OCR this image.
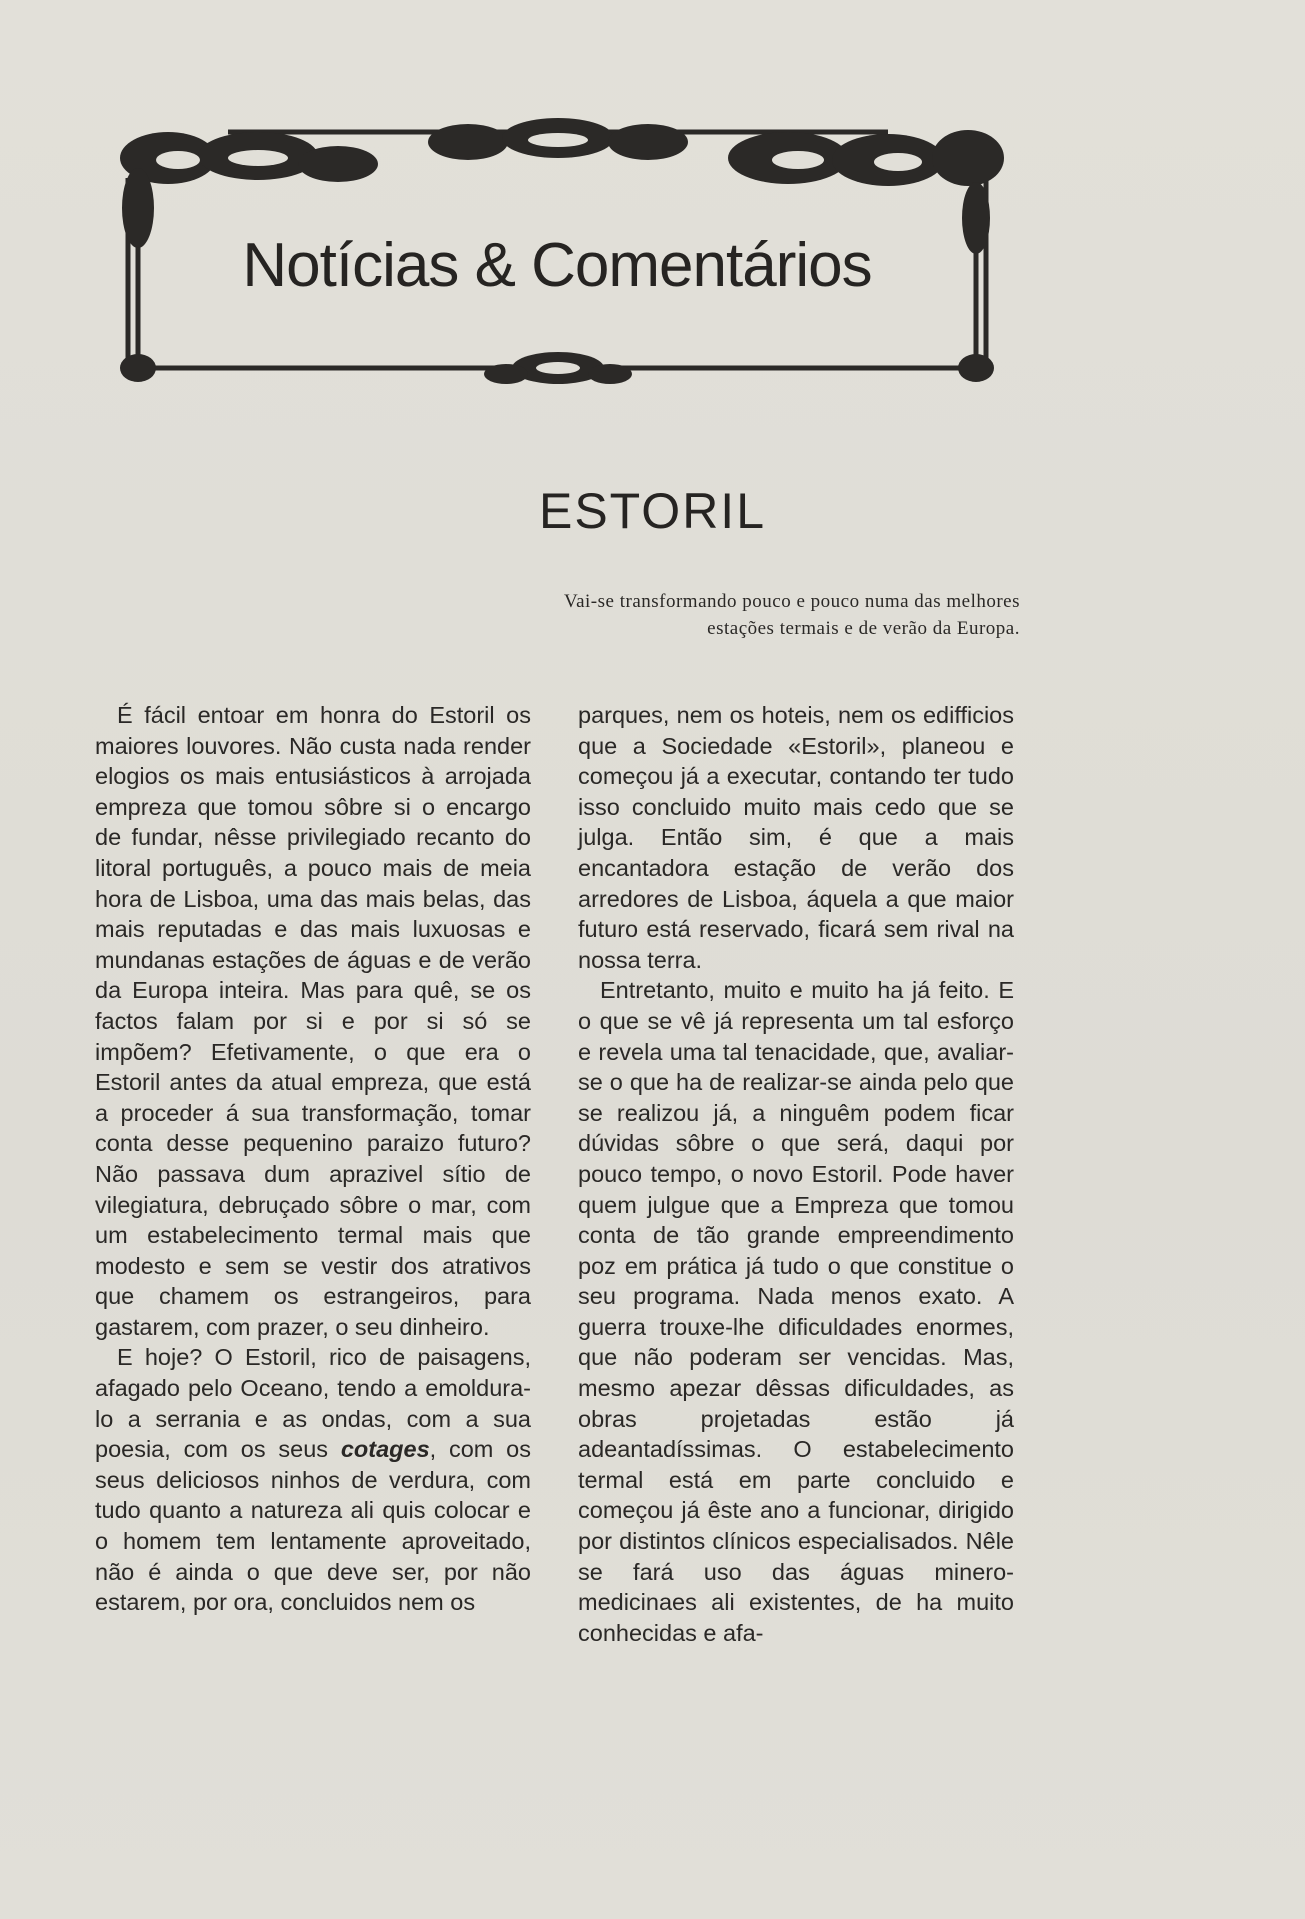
Notícias & Comentários
ESTORIL
Vai-se transformando pouco e pouco numa das melhores estações termais e de verão da Europa.

É fácil entoar em honra do Estoril os maiores louvores. Não custa nada render elogios os mais entusiásticos à arrojada empreza que tomou sôbre si o encargo de fundar, nêsse privilegiado recanto do litoral português, a pouco mais de meia hora de Lisboa, uma das mais belas, das mais reputadas e das mais luxuosas e mundanas estações de águas e de verão da Europa inteira. Mas para quê, se os factos falam por si e por si só se impõem? Efetivamente, o que era o Estoril antes da atual empreza, que está a proceder á sua transformação, tomar conta desse pequenino paraizo futuro? Não passava dum aprazivel sítio de vilegiatura, debruçado sôbre o mar, com um estabelecimento termal mais que modesto e sem se vestir dos atrativos que chamem os estrangeiros, para gastarem, com prazer, o seu dinheiro.

E hoje? O Estoril, rico de paisagens, afagado pelo Oceano, tendo a emoldura-lo a serrania e as ondas, com a sua poesia, com os seus cotages, com os seus deliciosos ninhos de verdura, com tudo quanto a natureza ali quis colocar e o homem tem lentamente aproveitado, não é ainda o que deve ser, por não estarem, por ora, concluidos nem os

parques, nem os hoteis, nem os edifficios que a Sociedade «Estoril», planeou e começou já a executar, contando ter tudo isso concluido muito mais cedo que se julga. Então sim, é que a mais encantadora estação de verão dos arredores de Lisboa, áquela a que maior futuro está reservado, ficará sem rival na nossa terra.

Entretanto, muito e muito ha já feito. E o que se vê já representa um tal esforço e revela uma tal tenacidade, que, avaliar-se o que ha de realizar-se ainda pelo que se realizou já, a ninguêm podem ficar dúvidas sôbre o que será, daqui por pouco tempo, o novo Estoril. Pode haver quem julgue que a Empreza que tomou conta de tão grande empreendimento poz em prática já tudo o que constitue o seu programa. Nada menos exato. A guerra trouxe-lhe dificuldades enormes, que não poderam ser vencidas. Mas, mesmo apezar dêssas dificuldades, as obras projetadas estão já adeantadíssimas. O estabelecimento termal está em parte concluido e começou já êste ano a funcionar, dirigido por distintos clínicos especialisados. Nêle se fará uso das águas minero-medicinaes ali existentes, de ha muito conhecidas e afa-
